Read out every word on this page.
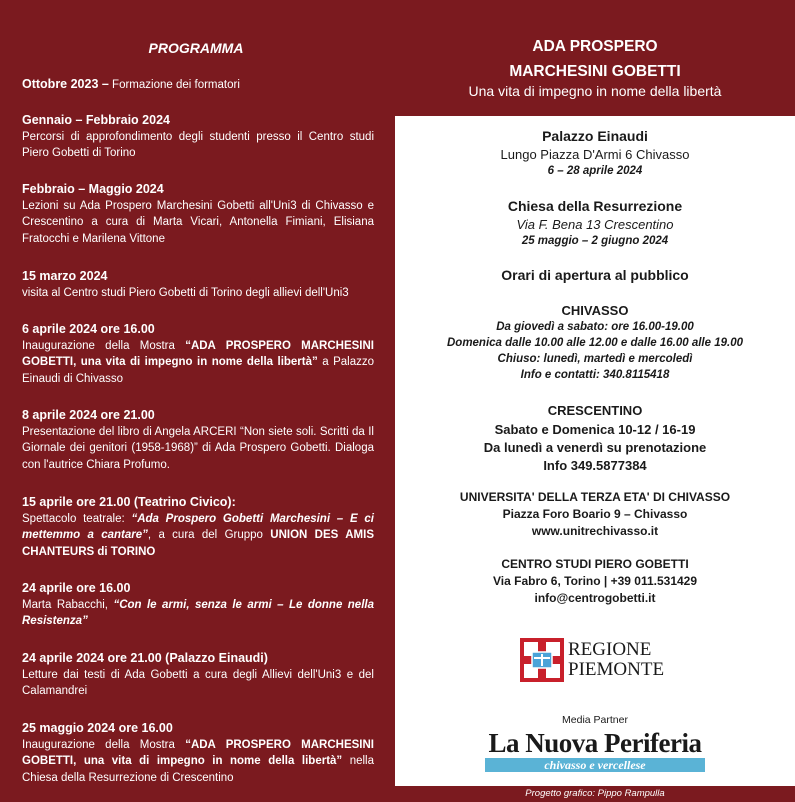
PROGRAMMA
Ottobre 2023 – Formazione dei formatori
Gennaio – Febbraio 2024
Percorsi di approfondimento degli studenti presso il Centro studi Piero Gobetti di Torino
Febbraio – Maggio 2024
Lezioni su Ada Prospero Marchesini Gobetti all'Uni3 di Chivasso e Crescentino a cura di Marta Vicari, Antonella Fimiani, Elisiana Fratocchi e Marilena Vittone
15 marzo 2024
visita al Centro studi Piero Gobetti di Torino degli allievi dell'Uni3
6 aprile 2024 ore 16.00
Inaugurazione della Mostra “ADA PROSPERO MARCHESINI GOBETTI, una vita di impegno in nome della libertà” a Palazzo Einaudi di Chivasso
8 aprile 2024 ore 21.00
Presentazione del libro di Angela ARCERI “Non siete soli. Scritti da Il Giornale dei genitori (1958-1968)” di Ada Prospero Gobetti. Dialoga con l'autrice Chiara Profumo.
15 aprile ore 21.00 (Teatrino Civico):
Spettacolo teatrale: “Ada Prospero Gobetti Marchesini – E ci mettemmo a cantare”, a cura del Gruppo UNION DES AMIS CHANTEURS di TORINO
24 aprile ore 16.00
Marta Rabacchi, “Con le armi, senza le armi – Le donne nella Resistenza”
24 aprile 2024 ore 21.00 (Palazzo Einaudi)
Letture dai testi di Ada Gobetti a cura degli Allievi dell'Uni3 e del Calamandrei
25 maggio 2024 ore 16.00
Inaugurazione della Mostra “ADA PROSPERO MARCHESINI GOBETTI, una vita di impegno in nome della libertà” nella Chiesa della Resurrezione di Crescentino
ADA PROSPERO
MARCHESINI GOBETTI
Una vita di impegno in nome della libertà
Palazzo Einaudi
Lungo Piazza D'Armi 6 Chivasso
6 – 28 aprile 2024
Chiesa della Resurrezione
Via F. Bena 13 Crescentino
25 maggio – 2 giugno 2024
Orari di apertura al pubblico
CHIVASSO
Da giovedì a sabato: ore 16.00-19.00
Domenica dalle 10.00 alle 12.00 e dalle 16.00 alle 19.00
Chiuso: lunedì, martedì e mercoledì
Info e contatti: 340.8115418
CRESCENTINO
Sabato e Domenica 10-12 / 16-19
Da lunedì a venerdì su prenotazione
Info 349.5877384
UNIVERSITA' DELLA TERZA ETA' DI CHIVASSO
Piazza Foro Boario 9 – Chivasso
www.unitrechivasso.it
CENTRO STUDI PIERO GOBETTI
Via Fabro 6, Torino | +39 011.531429
info@centrogobetti.it
REGIONE
PIEMONTE
Media Partner
La Nuova Periferia
chivasso e vercellese
Progetto grafico: Pippo Rampulla
